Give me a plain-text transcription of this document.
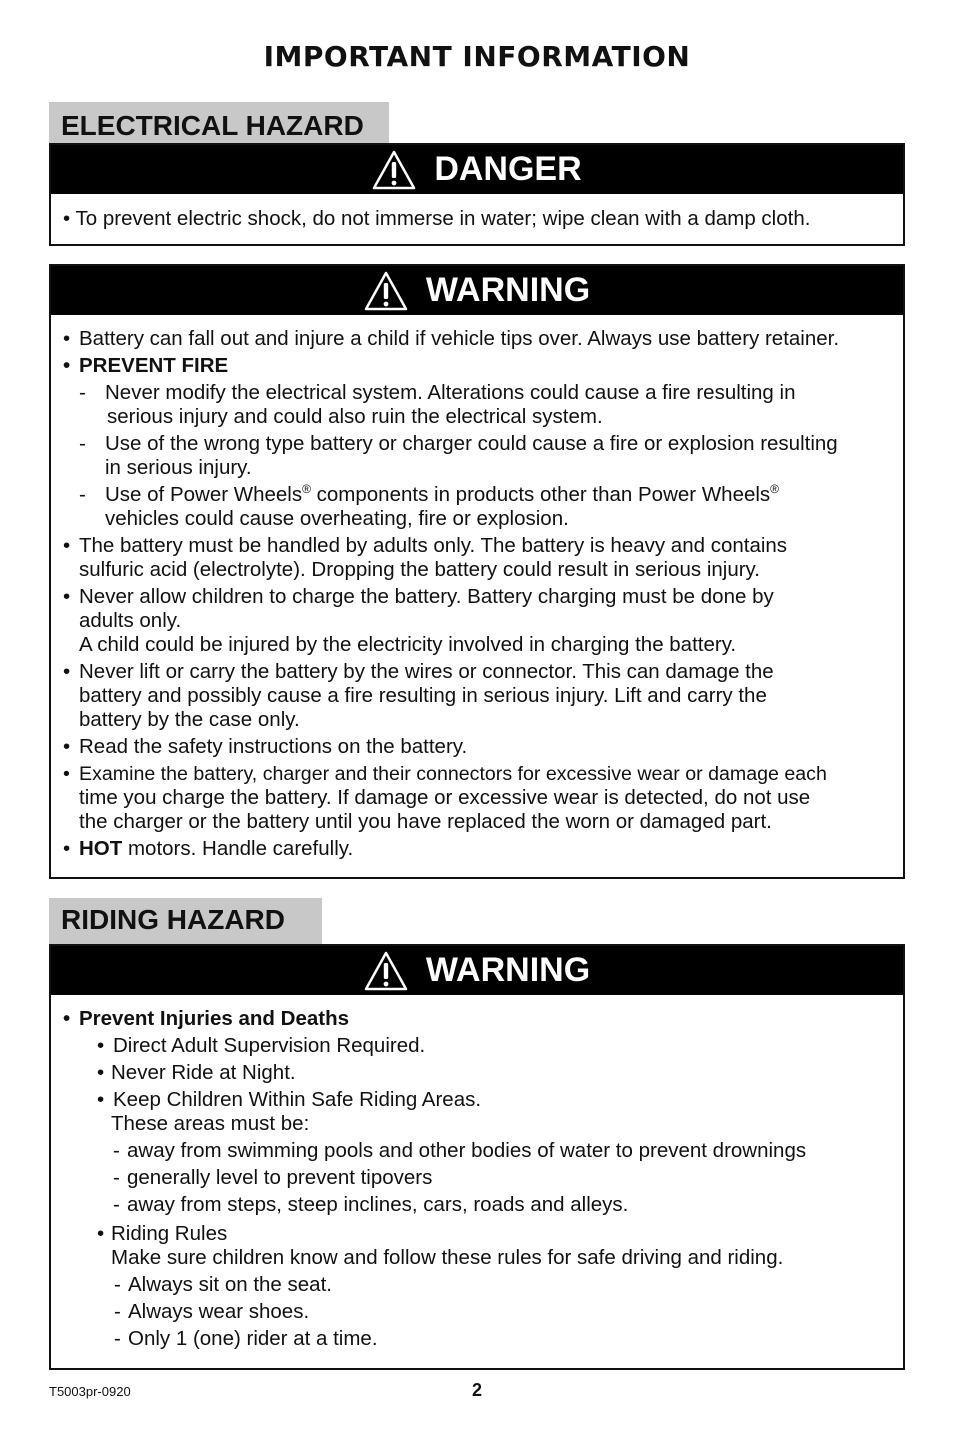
IMPORTANT INFORMATION
ELECTRICAL HAZARD
DANGER
• To prevent electric shock, do not immerse in water; wipe clean with a damp cloth.
WARNING
• Battery can fall out and injure a child if vehicle tips over. Always use battery retainer.
• PREVENT FIRE
- Never modify the electrical system. Alterations could cause a fire resulting in
serious injury and could also ruin the electrical system.
- Use of the wrong type battery or charger could cause a fire or explosion resulting
in serious injury.
- Use of Power Wheels® components in products other than Power Wheels®
vehicles could cause overheating, fire or explosion.
• The battery must be handled by adults only. The battery is heavy and contains
sulfuric acid (electrolyte). Dropping the battery could result in serious injury.
• Never allow children to charge the battery. Battery charging must be done by
adults only.
A child could be injured by the electricity involved in charging the battery.
• Never lift or carry the battery by the wires or connector. This can damage the
battery and possibly cause a fire resulting in serious injury. Lift and carry the
battery by the case only.
• Read the safety instructions on the battery.
• Examine the battery, charger and their connectors for excessive wear or damage each
time you charge the battery. If damage or excessive wear is detected, do not use
the charger or the battery until you have replaced the worn or damaged part.
• HOT motors. Handle carefully.
RIDING HAZARD
WARNING
• Prevent Injuries and Deaths
• Direct Adult Supervision Required.
• Never Ride at Night.
• Keep Children Within Safe Riding Areas.
These areas must be:
- away from swimming pools and other bodies of water to prevent drownings
- generally level to prevent tipovers
- away from steps, steep inclines, cars, roads and alleys.
• Riding Rules
Make sure children know and follow these rules for safe driving and riding.
- Always sit on the seat.
- Always wear shoes.
- Only 1 (one) rider at a time.
T5003pr-0920	2
